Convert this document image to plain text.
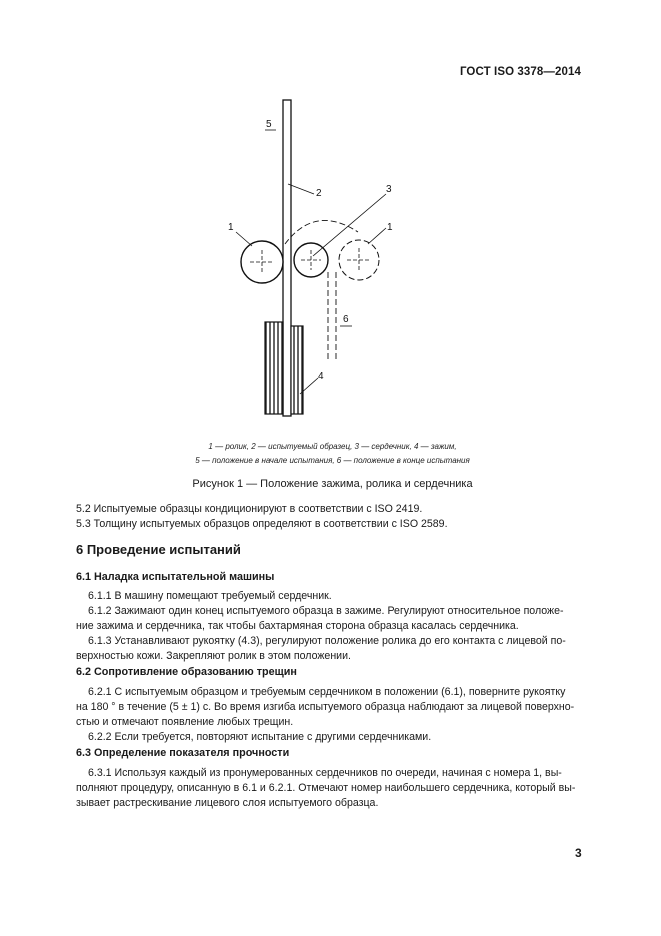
ГОСТ ISO 3378—2014
5
2
1
3
1
6
4
1 — ролик, 2 — испытуемый образец, 3 — сердечник, 4 — зажим,
5 — положение в начале испытания, 6 — положение в конце испытания
Рисунок 1 — Положение зажима, ролика и сердечника
5.2 Испытуемые образцы кондиционируют в соответствии с ISO 2419.
5.3 Толщину испытуемых образцов определяют в соответствии с ISO 2589.
6 Проведение испытаний
6.1 Наладка испытательной машины
6.1.1 В машину помещают требуемый сердечник.
6.1.2 Зажимают один конец испытуемого образца в зажиме. Регулируют относительное положе-
ние зажима и сердечника, так чтобы бахтармяная сторона образца касалась сердечника.
6.1.3 Устанавливают рукоятку (4.3), регулируют положение ролика до его контакта с лицевой по-
верхностью кожи. Закрепляют ролик в этом положении.
6.2 Сопротивление образованию трещин
6.2.1 С испытуемым образцом и требуемым сердечником в положении (6.1), поверните рукоятку
на 180 ° в течение (5 ± 1) с. Во время изгиба испытуемого образца наблюдают за лицевой поверхно-
стью и отмечают появление любых трещин.
6.2.2 Если требуется, повторяют испытание с другими сердечниками.
6.3 Определение показателя прочности
6.3.1 Используя каждый из пронумерованных сердечников по очереди, начиная с номера 1, вы-
полняют процедуру, описанную в 6.1 и 6.2.1. Отмечают номер наибольшего сердечника, который вы-
зывает растрескивание лицевого слоя испытуемого образца.
3
